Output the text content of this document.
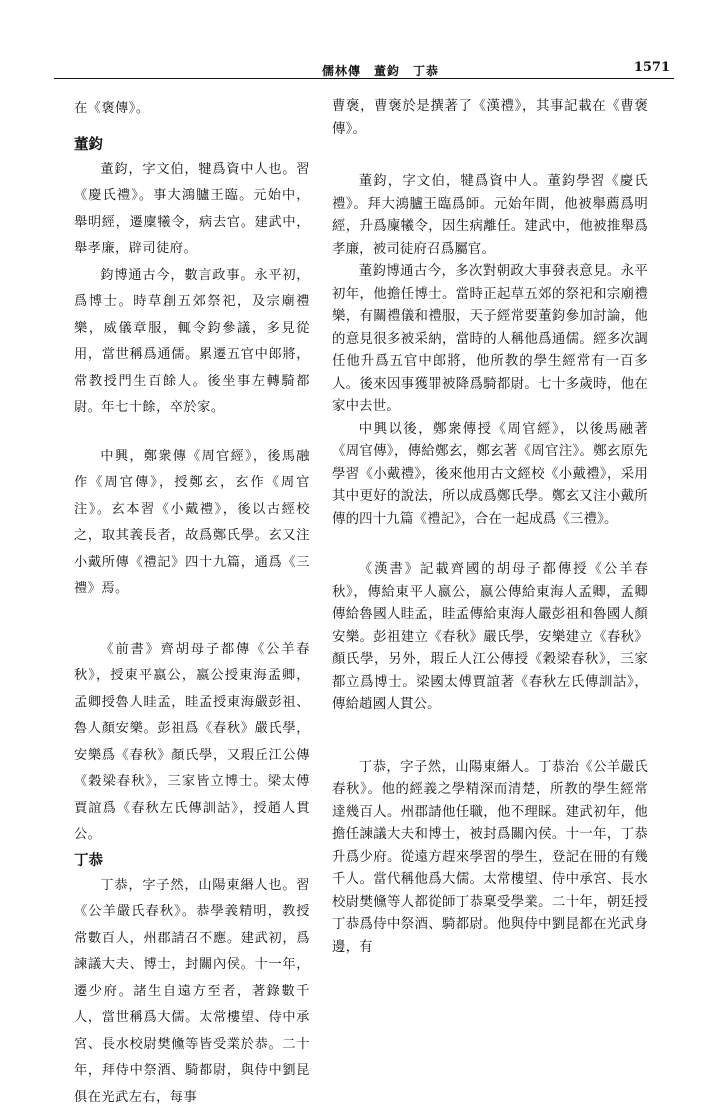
儒林傳　董鈞　丁恭	1571

在《褒傳》。

董鈞

董鈞，字文伯，犍爲資中人也。習《慶氏禮》。事大鴻臚王臨。元始中，舉明經，遷廩犧令，病去官。建武中，舉孝廉，辟司徒府。

鈞博通古今，數言政事。永平初，爲博士。時草創五郊祭祀，及宗廟禮樂，威儀章服，輒令鈞參議，多見從用，當世稱爲通儒。累遷五官中郎將，常教授門生百餘人。後坐事左轉騎都尉。年七十餘，卒於家。

中興，鄭衆傳《周官經》，後馬融作《周官傳》，授鄭玄，玄作《周官注》。玄本習《小戴禮》，後以古經校之，取其義長者，故爲鄭氏學。玄又注小戴所傳《禮記》四十九篇，通爲《三禮》焉。

《前書》齊胡母子都傳《公羊春秋》，授東平嬴公，嬴公授東海孟卿，孟卿授魯人眭孟，眭孟授東海嚴彭祖、魯人顏安樂。彭祖爲《春秋》嚴氏學，安樂爲《春秋》顏氏學，又瑕丘江公傳《穀梁春秋》，三家皆立博士。梁太傅賈誼爲《春秋左氏傳訓詁》，授趙人貫公。

丁恭

丁恭，字子然，山陽東緡人也。習《公羊嚴氏春秋》。恭學義精明，教授常數百人，州郡請召不應。建武初，爲諫議大夫、博士，封關內侯。十一年，遷少府。諸生自遠方至者，著錄數千人，當世稱爲大儒。太常樓望、侍中承宮、長水校尉樊儵等皆受業於恭。二十年，拜侍中祭酒、騎都尉，與侍中劉昆俱在光武左右，每事

曹褒，曹褒於是撰著了《漢禮》，其事記載在《曹褒傳》。

董鈞，字文伯，犍爲資中人。董鈞學習《慶氏禮》。拜大鴻臚王臨爲師。元始年間，他被舉薦爲明經，升爲廩犧令，因生病離任。建武中，他被推舉爲孝廉，被司徒府召爲屬官。

董鈞博通古今，多次對朝政大事發表意見。永平初年，他擔任博士。當時正起草五郊的祭祀和宗廟禮樂，有關禮儀和禮服，天子經常要董鈞參加討論，他的意見很多被采納，當時的人稱他爲通儒。經多次調任他升爲五官中郎將，他所教的學生經常有一百多人。後來因事獲罪被降爲騎都尉。七十多歲時，他在家中去世。

中興以後，鄭衆傳授《周官經》，以後馬融著《周官傳》，傳給鄭玄，鄭玄著《周官注》。鄭玄原先學習《小戴禮》，後來他用古文經校《小戴禮》，采用其中更好的說法，所以成爲鄭氏學。鄭玄又注小戴所傳的四十九篇《禮記》，合在一起成爲《三禮》。

《漢書》記載齊國的胡母子都傳授《公羊春秋》，傳給東平人嬴公，嬴公傳給東海人孟卿，孟卿傳給魯國人眭孟，眭孟傳給東海人嚴彭祖和魯國人顏安樂。彭祖建立《春秋》嚴氏學，安樂建立《春秋》顏氏學，另外，瑕丘人江公傳授《穀梁春秋》，三家都立爲博士。梁國太傅賈誼著《春秋左氏傳訓詁》，傳給趙國人貫公。

丁恭，字子然，山陽東緡人。丁恭治《公羊嚴氏春秋》。他的經義之學精深而清楚，所教的學生經常達幾百人。州郡請他任職，他不理睬。建武初年，他擔任諫議大夫和博士，被封爲關內侯。十一年，丁恭升爲少府。從遠方趕來學習的學生，登記在冊的有幾千人。當代稱他爲大儒。太常樓望、侍中承宮、長水校尉樊儵等人都從師丁恭稟受學業。二十年，朝廷授丁恭爲侍中祭酒、騎都尉。他與侍中劉昆都在光武身邊，有
